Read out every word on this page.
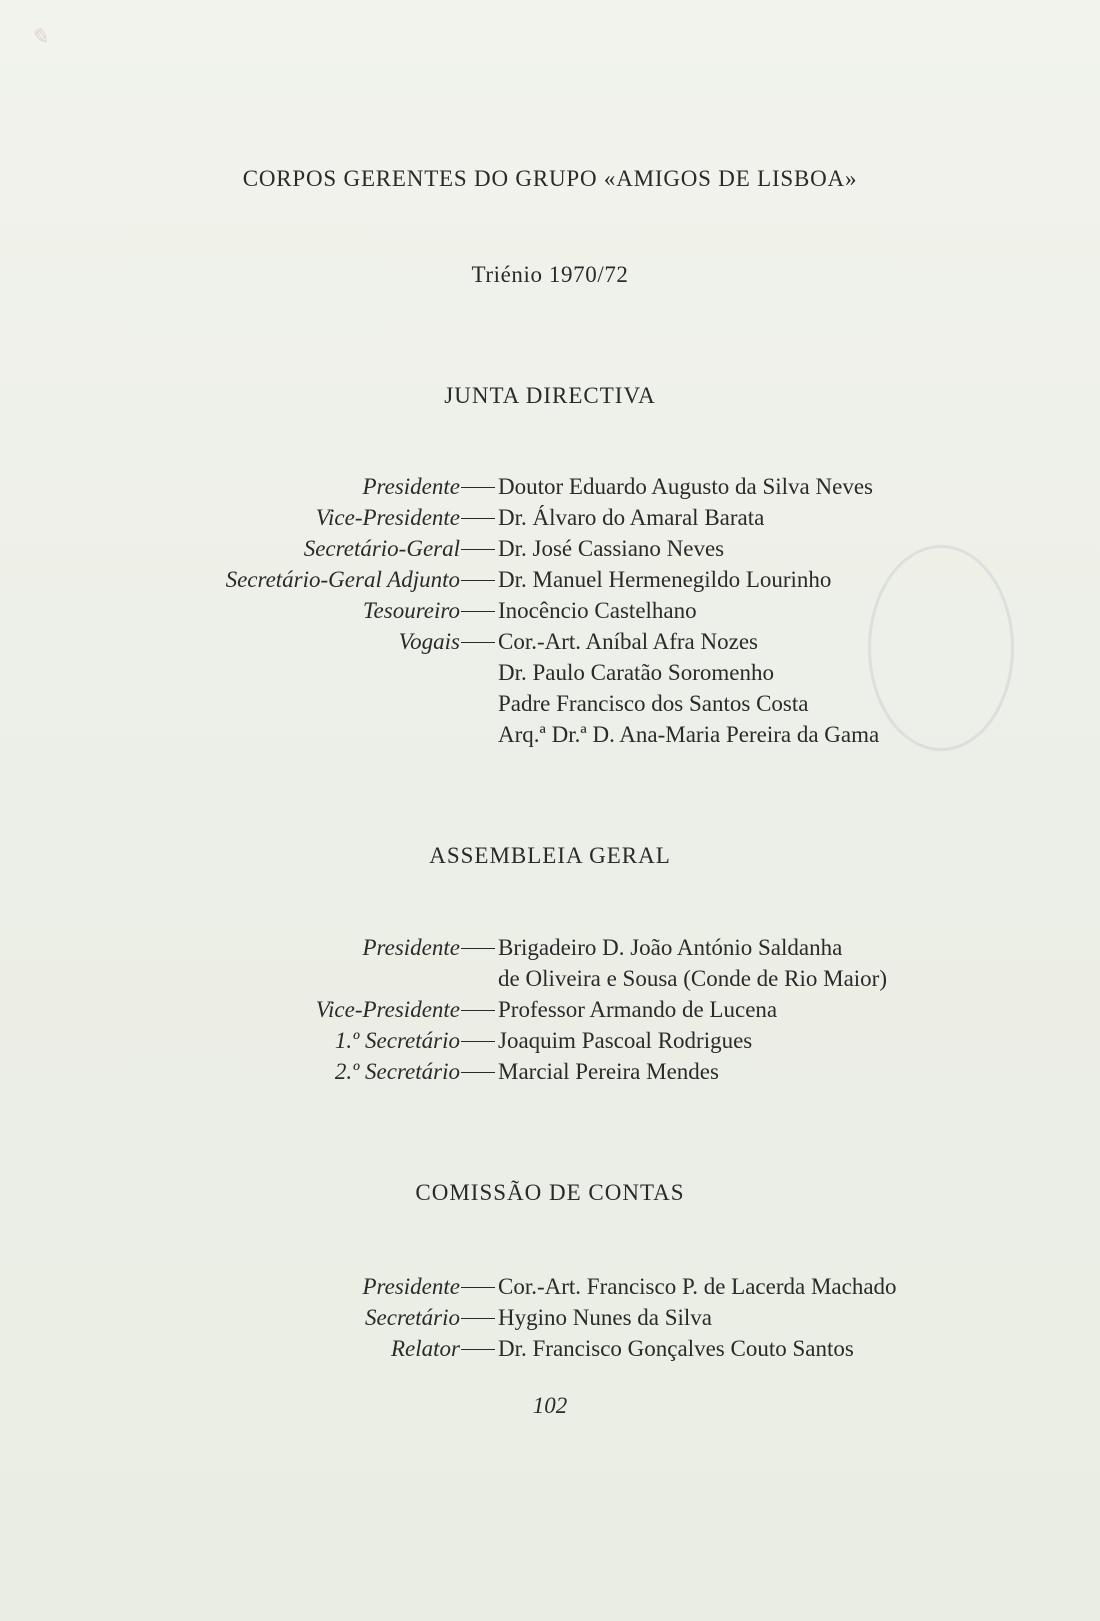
✎
CORPOS GERENTES DO GRUPO «AMIGOS DE LISBOA»
Triénio 1970/72
JUNTA DIRECTIVA
Presidente Doutor Eduardo Augusto da Silva Neves
Vice-Presidente Dr. Álvaro do Amaral Barata
Secretário-Geral Dr. José Cassiano Neves
Secretário-Geral Adjunto Dr. Manuel Hermenegildo Lourinho
Tesoureiro Inocêncio Castelhano
Vogais Cor.-Art. Aníbal Afra Nozes
Dr. Paulo Caratão Soromenho
Padre Francisco dos Santos Costa
Arq.ª Dr.ª D. Ana-Maria Pereira da Gama
ASSEMBLEIA GERAL
Presidente Brigadeiro D. João António Saldanha
de Oliveira e Sousa (Conde de Rio Maior)
Vice-Presidente Professor Armando de Lucena
1.º Secretário Joaquim Pascoal Rodrigues
2.º Secretário Marcial Pereira Mendes
COMISSÃO DE CONTAS
Presidente Cor.-Art. Francisco P. de Lacerda Machado
Secretário Hygino Nunes da Silva
Relator Dr. Francisco Gonçalves Couto Santos
102
